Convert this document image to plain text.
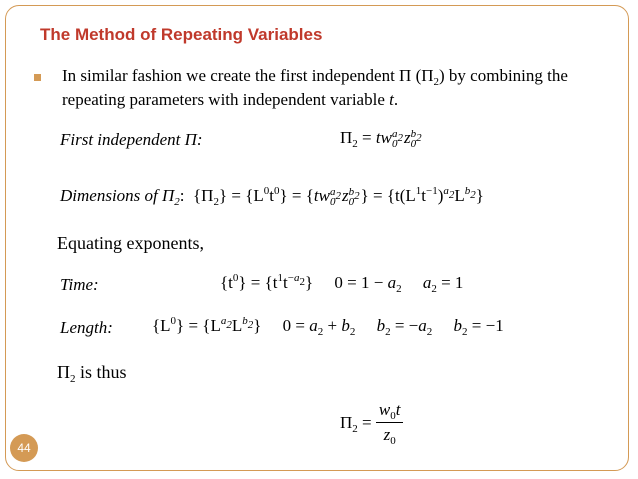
The Method of Repeating Variables
In similar fashion we create the first independent Π $(\Pi_2)$ by combining the repeating parameters with independent variable t.
First independent Π:	$\Pi_2$ = tw $a_2$
0 z $b_2$
0
Dimensions of $\Pi_2$:  $\{\Pi_2\} = \{L^0t^0\} = \{tw$ $a_2$
0 z $b_2$
0 } = $\{t(L^1t^{-1})^{a_2}L^{b_2}\}$
Equating exponents,
Time:	$\{t^0\} = \{t^1t^{-a_2}\}$     $0 = 1 - a_2$ $a_2 = 1$
Length: $\{L^0\} = \{L^{a_2}L^{b_2}\}$     $0 = a_2 + b_2$ $b_2 = -a_2$ $b_2 = -1$
$\Pi_2$ is thus
$\Pi_2 = \frac{w_0t}{z_0}$
44
